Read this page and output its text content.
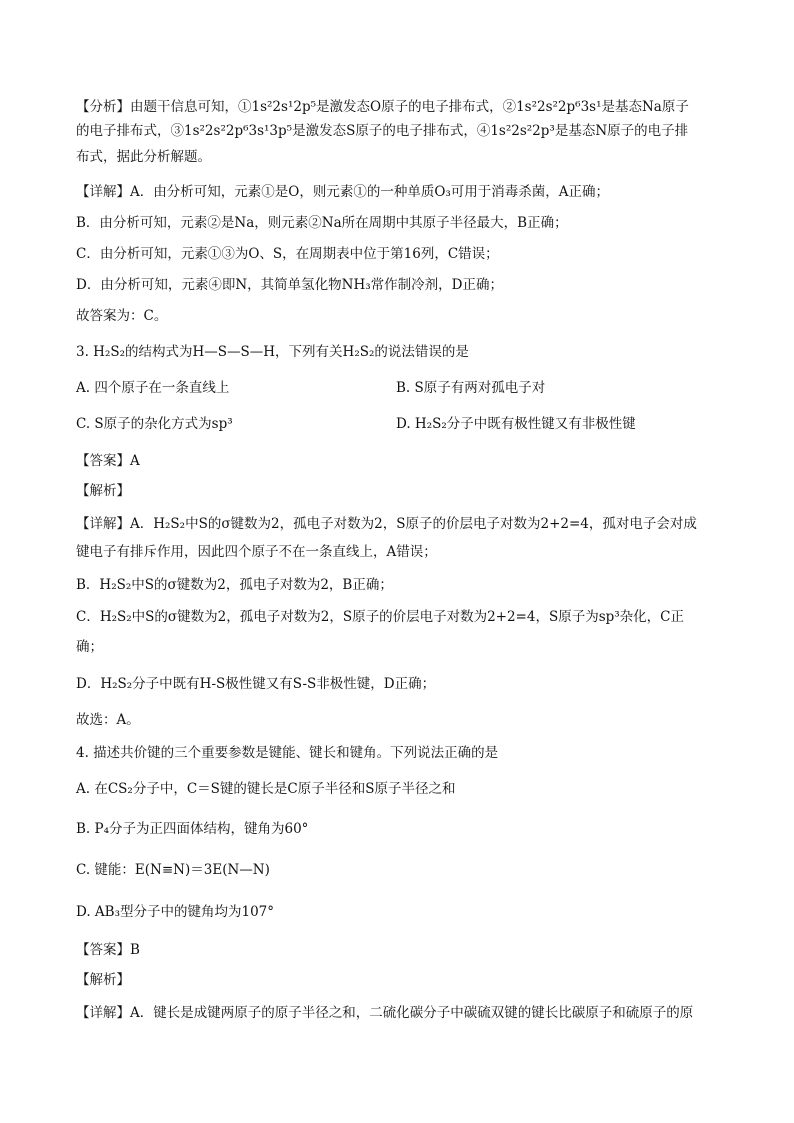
【分析】由题干信息可知，①1s²2s¹2p⁵是激发态O原子的电子排布式，②1s²2s²2p⁶3s¹是基态Na原子
的电子排布式，③1s²2s²2p⁶3s¹3p⁵是激发态S原子的电子排布式，④1s²2s²2p³是基态N原子的电子排
布式，据此分析解题。
【详解】A．由分析可知，元素①是O，则元素①的一种单质O₃可用于消毒杀菌，A正确；
B．由分析可知，元素②是Na，则元素②Na所在周期中其原子半径最大，B正确；
C．由分析可知，元素①③为O、S，在周期表中位于第16列，C错误；
D．由分析可知，元素④即N，其简单氢化物NH₃常作制冷剂，D正确；
故答案为：C。
3. H₂S₂的结构式为H—S—S—H，下列有关H₂S₂的说法错误的是
A. 四个原子在一条直线上	B. S原子有两对孤电子对
C. S原子的杂化方式为sp³	D. H₂S₂分子中既有极性键又有非极性键
【答案】A
【解析】
【详解】A．H₂S₂中S的σ键数为2，孤电子对数为2，S原子的价层电子对数为2+2=4，孤对电子会对成
键电子有排斥作用，因此四个原子不在一条直线上，A错误；
B．H₂S₂中S的σ键数为2，孤电子对数为2，B正确；
C．H₂S₂中S的σ键数为2，孤电子对数为2，S原子的价层电子对数为2+2=4，S原子为sp³杂化，C正
确；
D．H₂S₂分子中既有H-S极性键又有S-S非极性键，D正确；
故选：A。
4. 描述共价键的三个重要参数是键能、键长和键角。下列说法正确的是
A. 在CS₂分子中，C＝S键的键长是C原子半径和S原子半径之和
B. P₄分子为正四面体结构，键角为60°
C. 键能：E(N≡N)＝3E(N—N)
D. AB₃型分子中的键角均为107°
【答案】B
【解析】
【详解】A．键长是成键两原子的原子半径之和，二硫化碳分子中碳硫双键的键长比碳原子和硫原子的原
